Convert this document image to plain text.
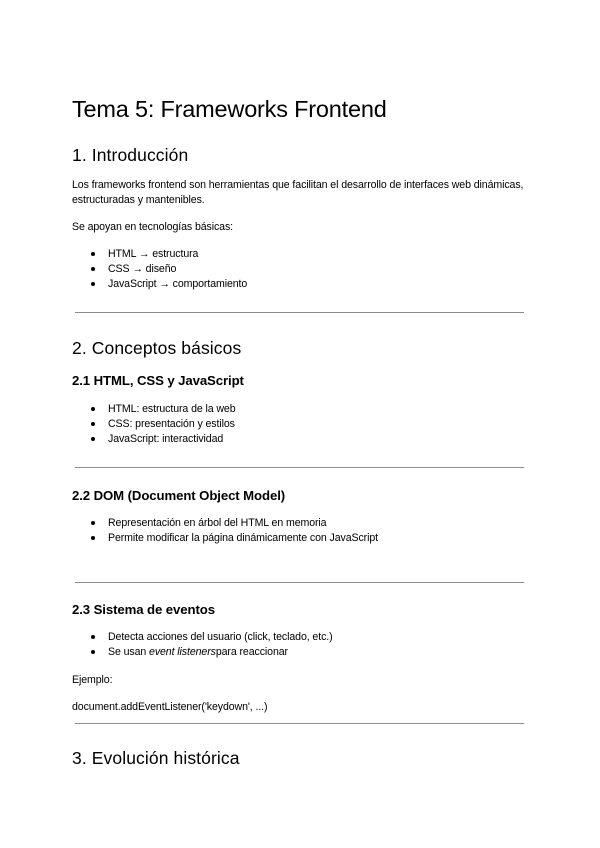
Tema 5: Frameworks Frontend
1. Introducción
Los frameworks frontend son herramientas que facilitan el desarrollo de interfaces web dinámicas, estructuradas y mantenibles.
Se apoyan en tecnologías básicas:
HTML → estructura
CSS → diseño
JavaScript → comportamiento
2. Conceptos básicos
2.1 HTML, CSS y JavaScript
HTML: estructura de la web
CSS: presentación y estilos
JavaScript: interactividad
2.2 DOM (Document Object Model)
Representación en árbol del HTML en memoria
Permite modificar la página dinámicamente con JavaScript
2.3 Sistema de eventos
Detecta acciones del usuario (click, teclado, etc.)
Se usan event listenerspara reaccionar
Ejemplo:
document.addEventListener('keydown', ...)
3. Evolución histórica
